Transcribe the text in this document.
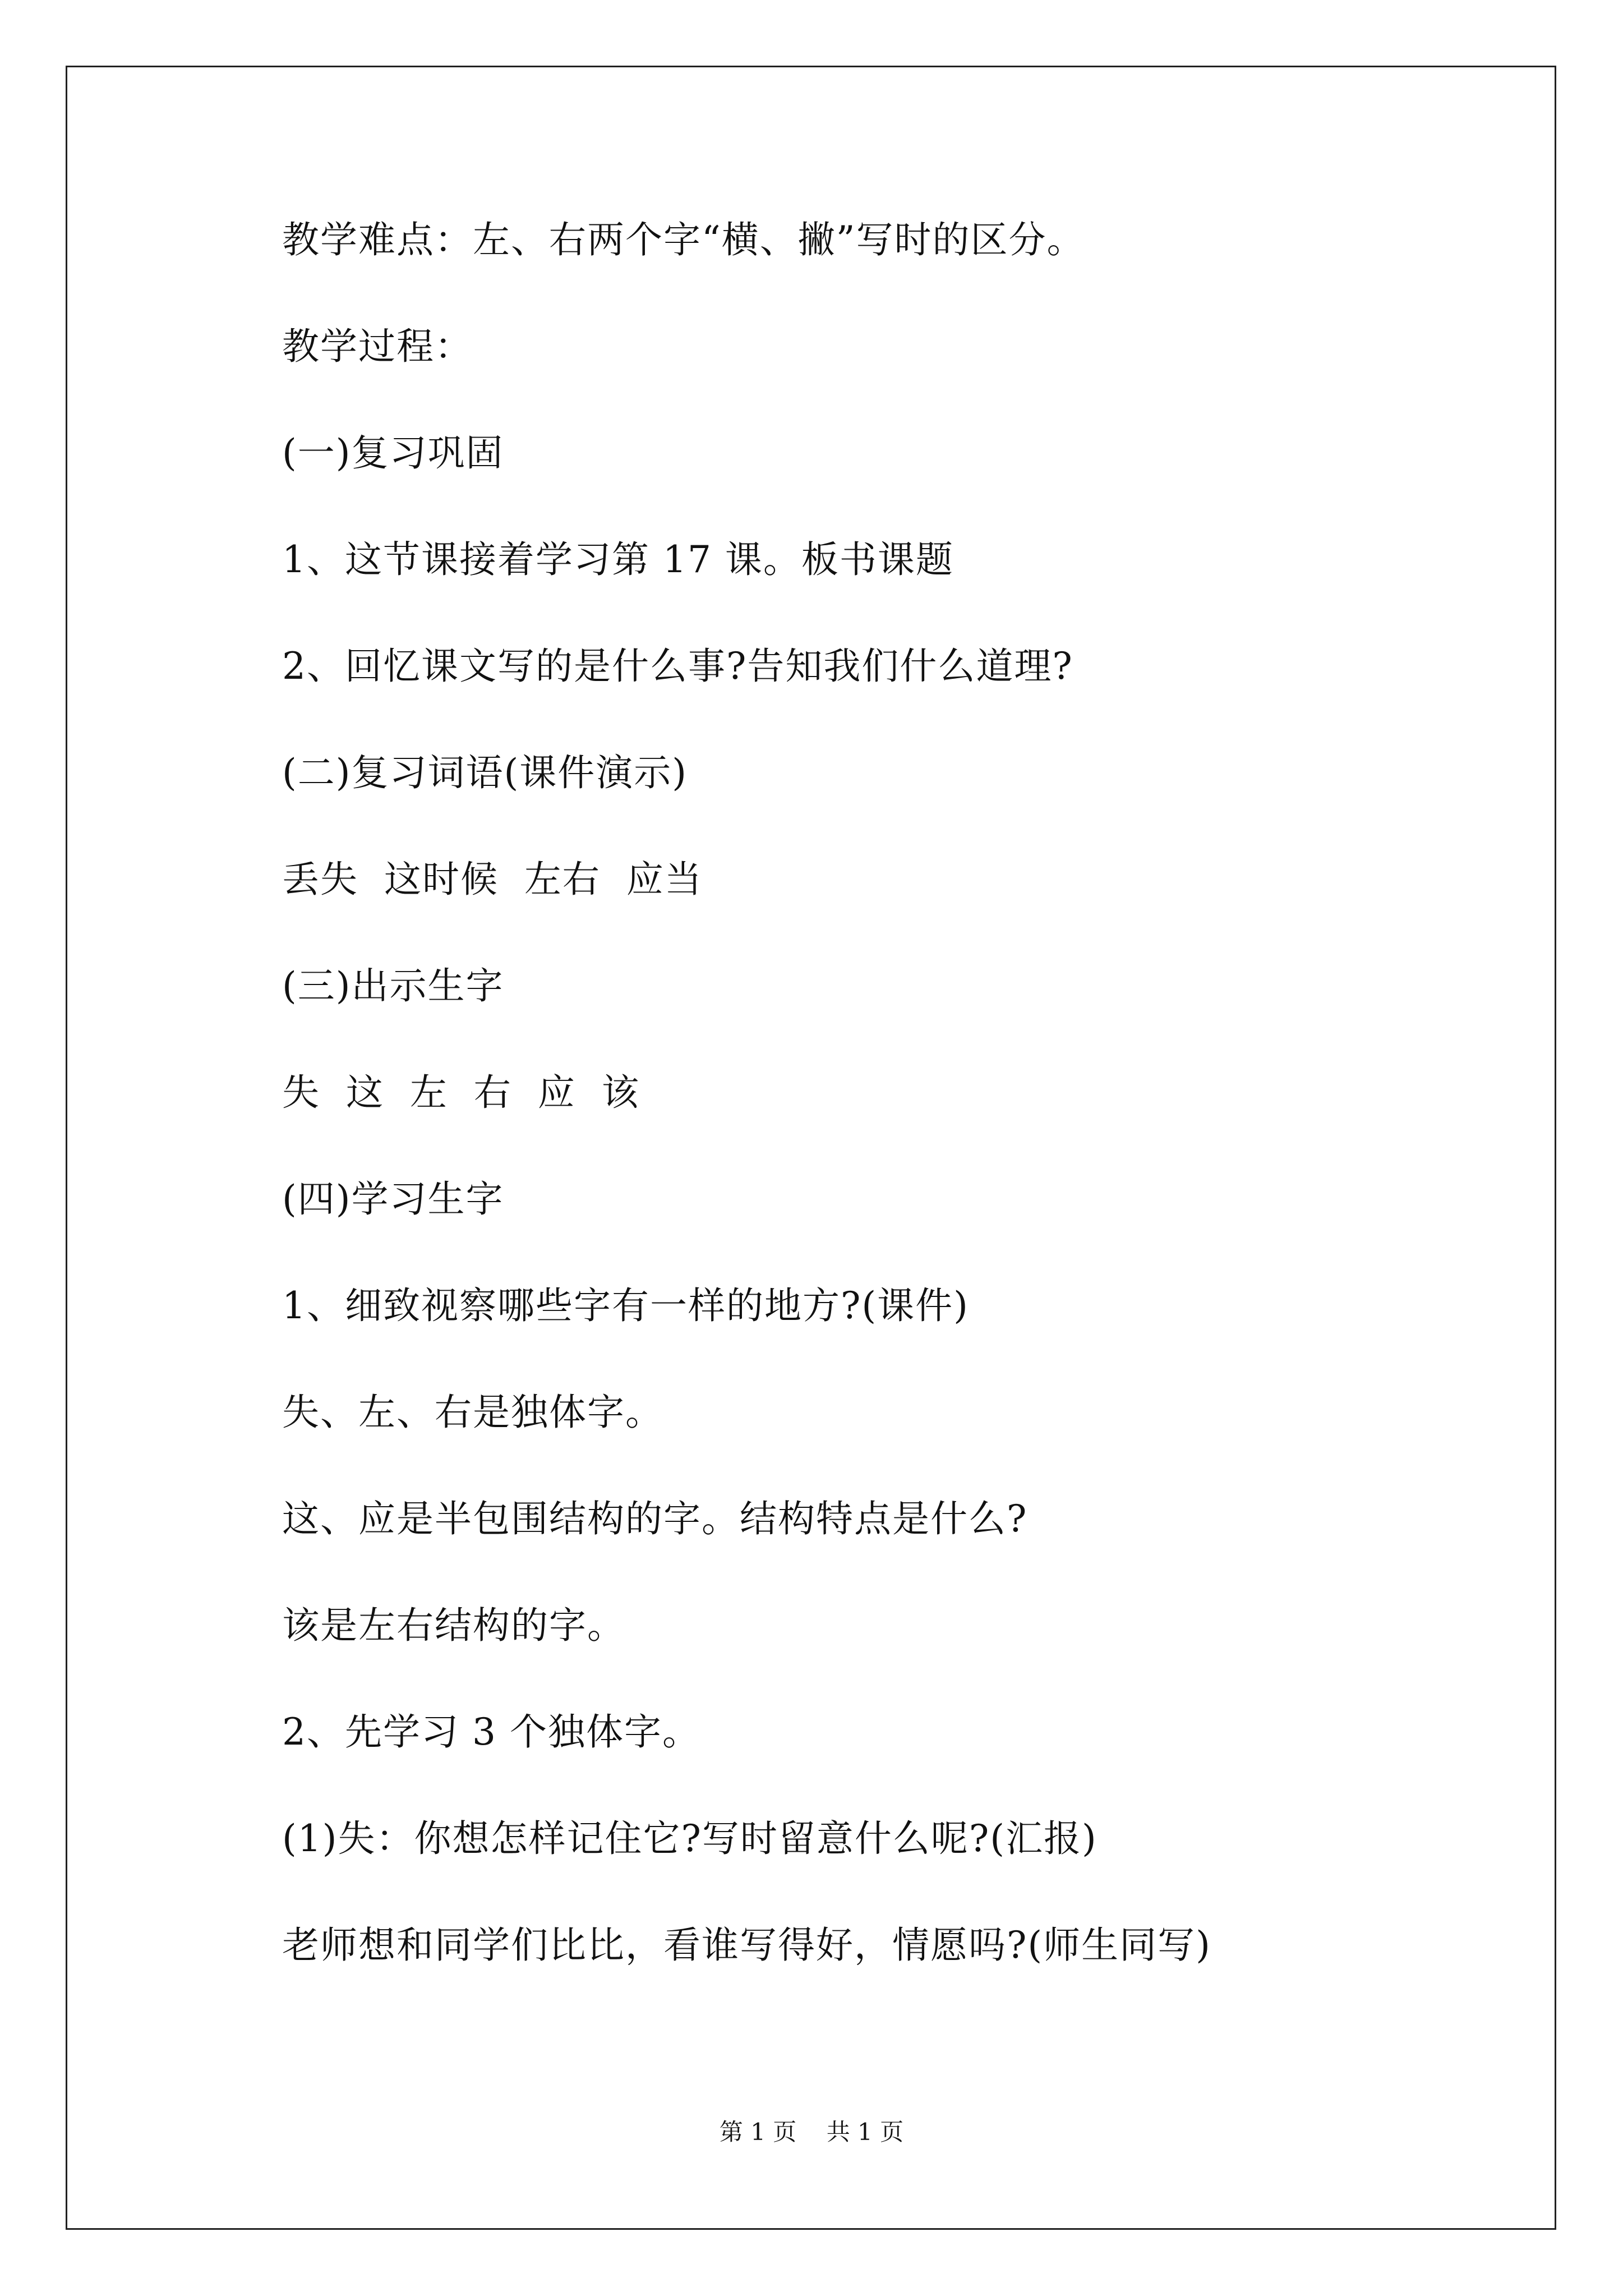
教学难点：左、右两个字“横、撇”写时的区分。

教学过程：

(一)复习巩固

1、这节课接着学习第 17 课。板书课题

2、回忆课文写的是什么事?告知我们什么道理?

(二)复习词语(课件演示)

丢失  这时候  左右  应当

(三)出示生字

失  这  左  右  应  该

(四)学习生字

1、细致视察哪些字有一样的地方?(课件)

失、左、右是独体字。

这、应是半包围结构的字。结构特点是什么?

该是左右结构的字。

2、先学习 3 个独体字。

(1)失：你想怎样记住它?写时留意什么呢?(汇报)

老师想和同学们比比，看谁写得好，情愿吗?(师生同写)

第 1 页    共 1 页
